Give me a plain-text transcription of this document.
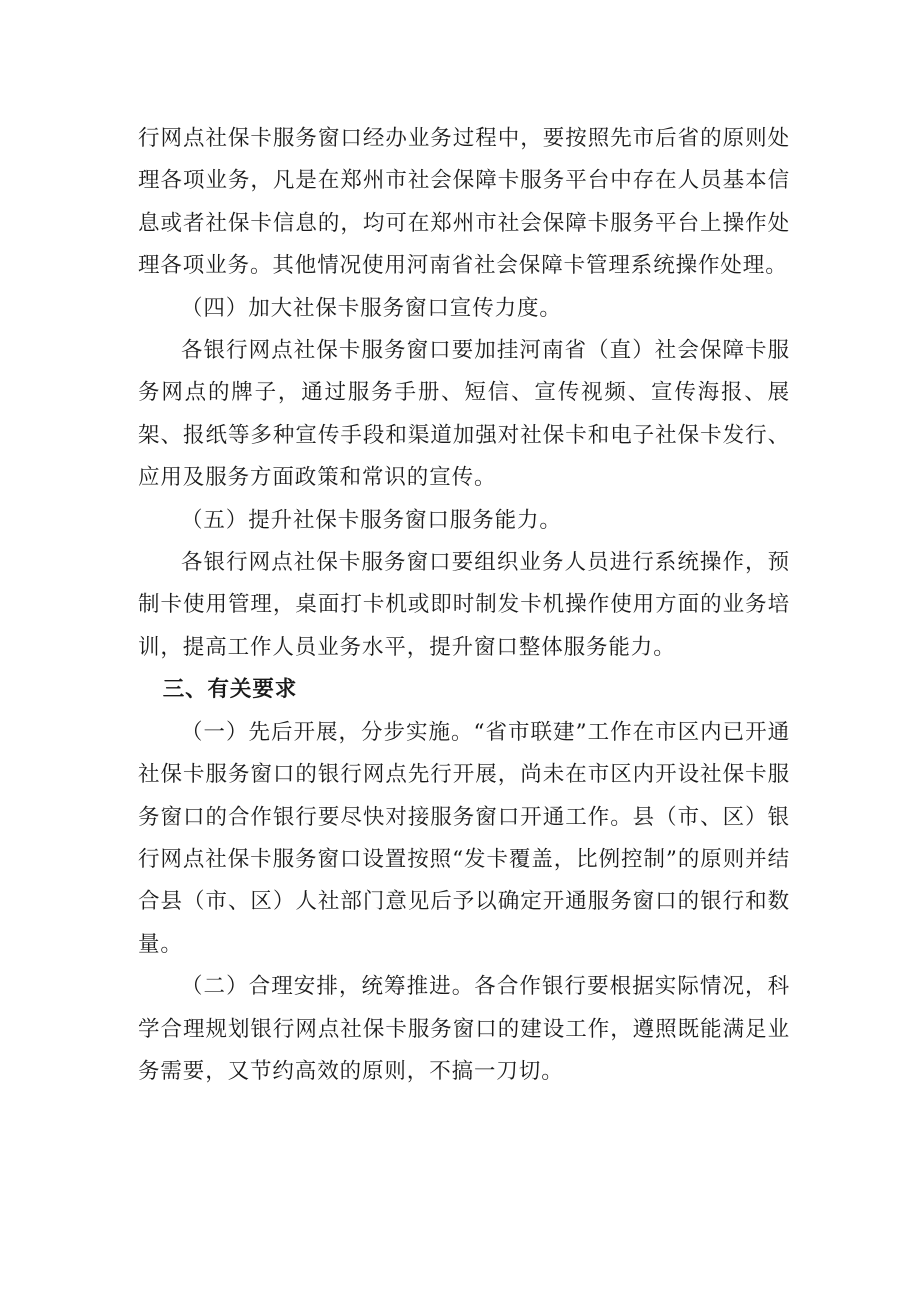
行网点社保卡服务窗口经办业务过程中，要按照先市后省的原则处理各项业务，凡是在郑州市社会保障卡服务平台中存在人员基本信息或者社保卡信息的，均可在郑州市社会保障卡服务平台上操作处理各项业务。其他情况使用河南省社会保障卡管理系统操作处理。

（四）加大社保卡服务窗口宣传力度。

各银行网点社保卡服务窗口要加挂河南省（直）社会保障卡服务网点的牌子，通过服务手册、短信、宣传视频、宣传海报、展架、报纸等多种宣传手段和渠道加强对社保卡和电子社保卡发行、应用及服务方面政策和常识的宣传。

（五）提升社保卡服务窗口服务能力。

各银行网点社保卡服务窗口要组织业务人员进行系统操作，预制卡使用管理，桌面打卡机或即时制发卡机操作使用方面的业务培训，提高工作人员业务水平，提升窗口整体服务能力。

三、有关要求

（一）先后开展，分步实施。“省市联建”工作在市区内已开通社保卡服务窗口的银行网点先行开展，尚未在市区内开设社保卡服务窗口的合作银行要尽快对接服务窗口开通工作。县（市、区）银行网点社保卡服务窗口设置按照“发卡覆盖，比例控制”的原则并结合县（市、区）人社部门意见后予以确定开通服务窗口的银行和数量。

（二）合理安排，统筹推进。各合作银行要根据实际情况，科学合理规划银行网点社保卡服务窗口的建设工作，遵照既能满足业务需要，又节约高效的原则，不搞一刀切。
